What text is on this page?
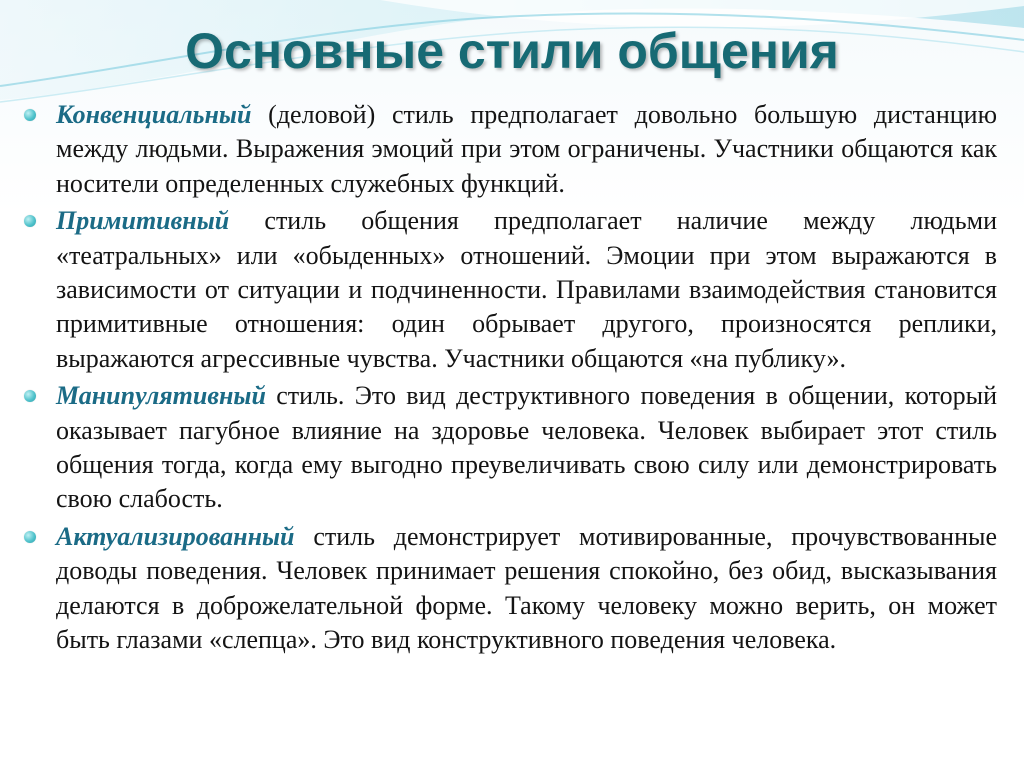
Основные стили общения
Конвенциальный (деловой) стиль предполагает довольно большую дистанцию между людьми. Выражения эмоций при этом ограничены. Участники общаются как носители определенных служебных функций.
Примитивный стиль общения предполагает наличие между людьми «театральных» или «обыденных» отношений. Эмоции при этом выражаются в зависимости от ситуации и подчиненности. Правилами взаимодействия становится примитивные отношения: один обрывает другого, произносятся реплики, выражаются агрессивные чувства. Участники общаются «на публику».
Манипулятивный стиль. Это вид деструктивного поведения в общении, который оказывает пагубное влияние на здоровье человека. Человек выбирает этот стиль общения тогда, когда ему выгодно преувеличивать свою силу или демонстрировать свою слабость.
Актуализированный стиль демонстрирует мотивированные, прочувствованные доводы поведения. Человек принимает решения спокойно, без обид, высказывания делаются в доброжелательной форме. Такому человеку можно верить, он может быть глазами «слепца». Это вид конструктивного поведения человека.
